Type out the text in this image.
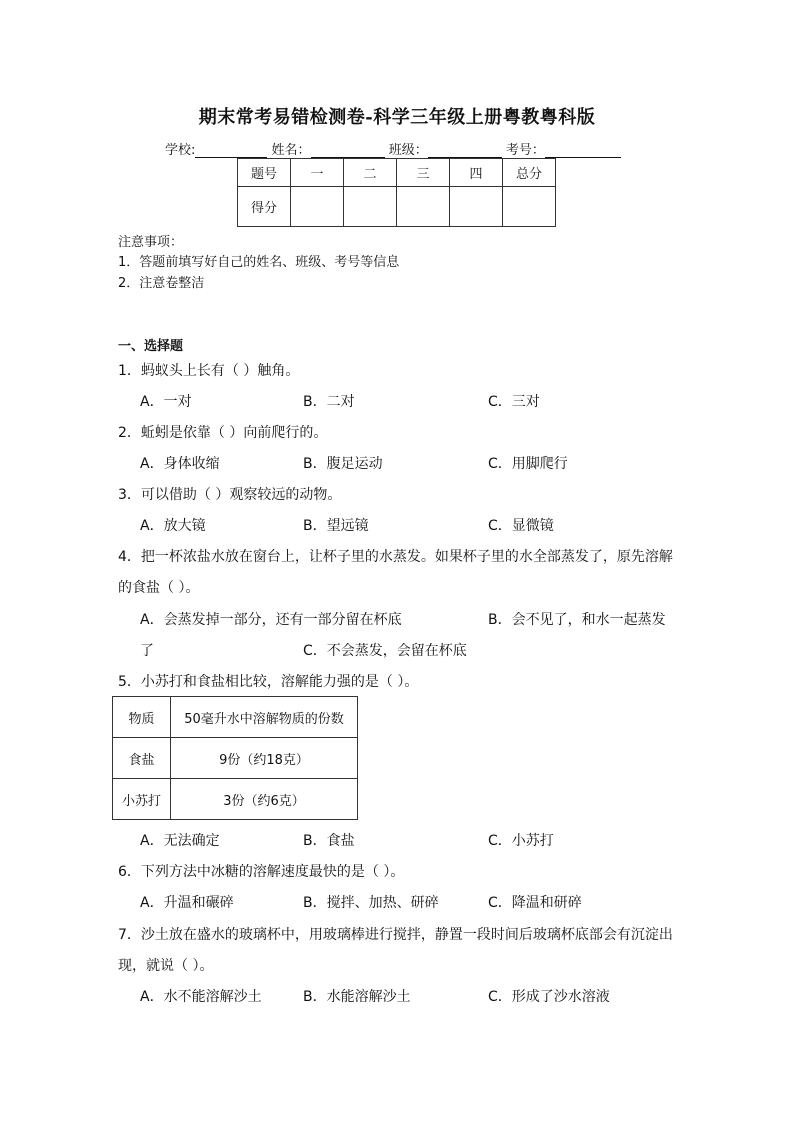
期末常考易错检测卷-科学三年级上册粤教粤科版
学校:	姓名：	班级：	考号：
题号	一	二	三	四	总分
得分					
注意事项：
1．答题前填写好自己的姓名、班级、考号等信息
2．注意卷整洁
一、选择题
1．蚂蚁头上长有（ ）触角。
A．一对	B．二对	C．三对
2．蚯蚓是依靠（ ）向前爬行的。
A．身体收缩	B．腹足运动	C．用脚爬行
3．可以借助（ ）观察较远的动物。
A．放大镜	B．望远镜	C．显微镜
4．把一杯浓盐水放在窗台上，让杯子里的水蒸发。如果杯子里的水全部蒸发了，原先溶解
的食盐（ ）。
A．会蒸发掉一部分，还有一部分留在杯底	B．会不见了，和水一起蒸发
了	C．不会蒸发，会留在杯底
5．小苏打和食盐相比较，溶解能力强的是（ ）。
物质	50毫升水中溶解物质的份数
食盐	9份（约18克）
小苏打	3份（约6克）
A．无法确定	B．食盐	C．小苏打
6．下列方法中冰糖的溶解速度最快的是（ ）。
A．升温和碾碎	B．搅拌、加热、研碎	C．降温和研碎
7．沙土放在盛水的玻璃杯中，用玻璃棒进行搅拌，静置一段时间后玻璃杯底部会有沉淀出
现，就说（ ）。
A．水不能溶解沙土	B．水能溶解沙土	C．形成了沙水溶液
